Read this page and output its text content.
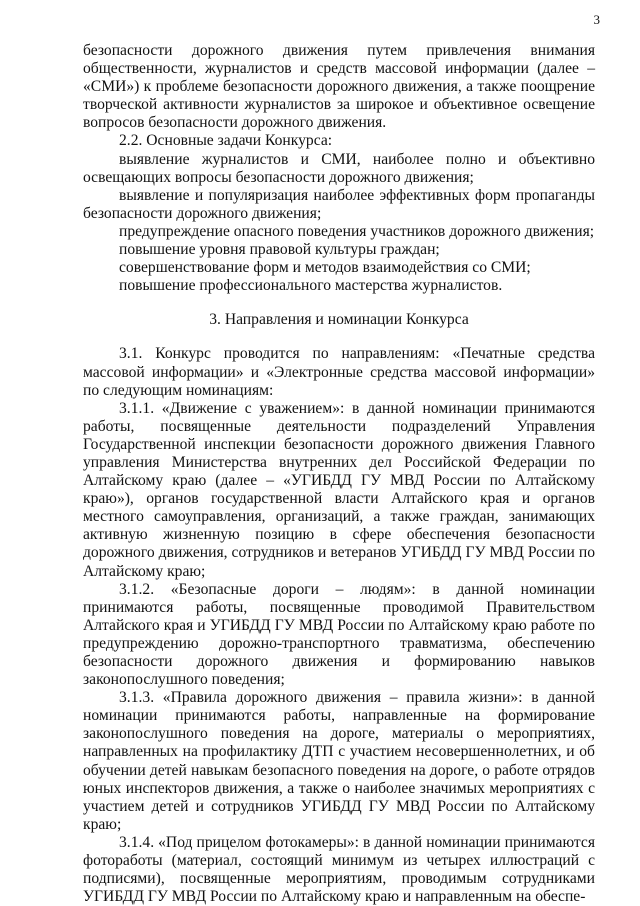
3

безопасности дорожного движения путем привлечения внимания общественности, журналистов и средств массовой информации (далее – «СМИ») к проблеме безопасности дорожного движения, а также поощрение творческой активности журналистов за широкое и объективное освещение вопросов безопасности дорожного движения.

2.2. Основные задачи Конкурса:

выявление журналистов и СМИ, наиболее полно и объективно освещающих вопросы безопасности дорожного движения;

выявление и популяризация наиболее эффективных форм пропаганды безопасности дорожного движения;

предупреждение опасного поведения участников дорожного движения;

повышение уровня правовой культуры граждан;

совершенствование форм и методов взаимодействия со СМИ;

повышение профессионального мастерства журналистов.

3. Направления и номинации Конкурса

3.1. Конкурс проводится по направлениям: «Печатные средства массовой информации» и «Электронные средства массовой информации» по следующим номинациям:

3.1.1. «Движение с уважением»: в данной номинации принимаются работы, посвященные деятельности подразделений Управления Государственной инспекции безопасности дорожного движения Главного управления Министерства внутренних дел Российской Федерации по Алтайскому краю (далее – «УГИБДД ГУ МВД России по Алтайскому краю»), органов государственной власти Алтайского края и органов местного самоуправления, организаций, а также граждан, занимающих активную жизненную позицию в сфере обеспечения безопасности дорожного движения, сотрудников и ветеранов УГИБДД ГУ МВД России по Алтайскому краю;

3.1.2. «Безопасные дороги – людям»: в данной номинации принимаются работы, посвященные проводимой Правительством Алтайского края и УГИБДД ГУ МВД России по Алтайскому краю работе по предупреждению дорожно-транспортного травматизма, обеспечению безопасности дорожного движения и формированию навыков законопослушного поведения;

3.1.3. «Правила дорожного движения – правила жизни»: в данной номинации принимаются работы, направленные на формирование законопослушного поведения на дороге, материалы о мероприятиях, направленных на профилактику ДТП с участием несовершеннолетних, и об обучении детей навыкам безопасного поведения на дороге, о работе отрядов юных инспекторов движения, а также о наиболее значимых мероприятиях с участием детей и сотрудников УГИБДД ГУ МВД России по Алтайскому краю;

3.1.4. «Под прицелом фотокамеры»: в данной номинации принимаются фоторaботы (материал, состоящий минимум из четырех иллюстраций с подписями), посвященные мероприятиям, проводимым сотрудниками УГИБДД ГУ МВД России по Алтайскому краю и направленным на обеспе-
